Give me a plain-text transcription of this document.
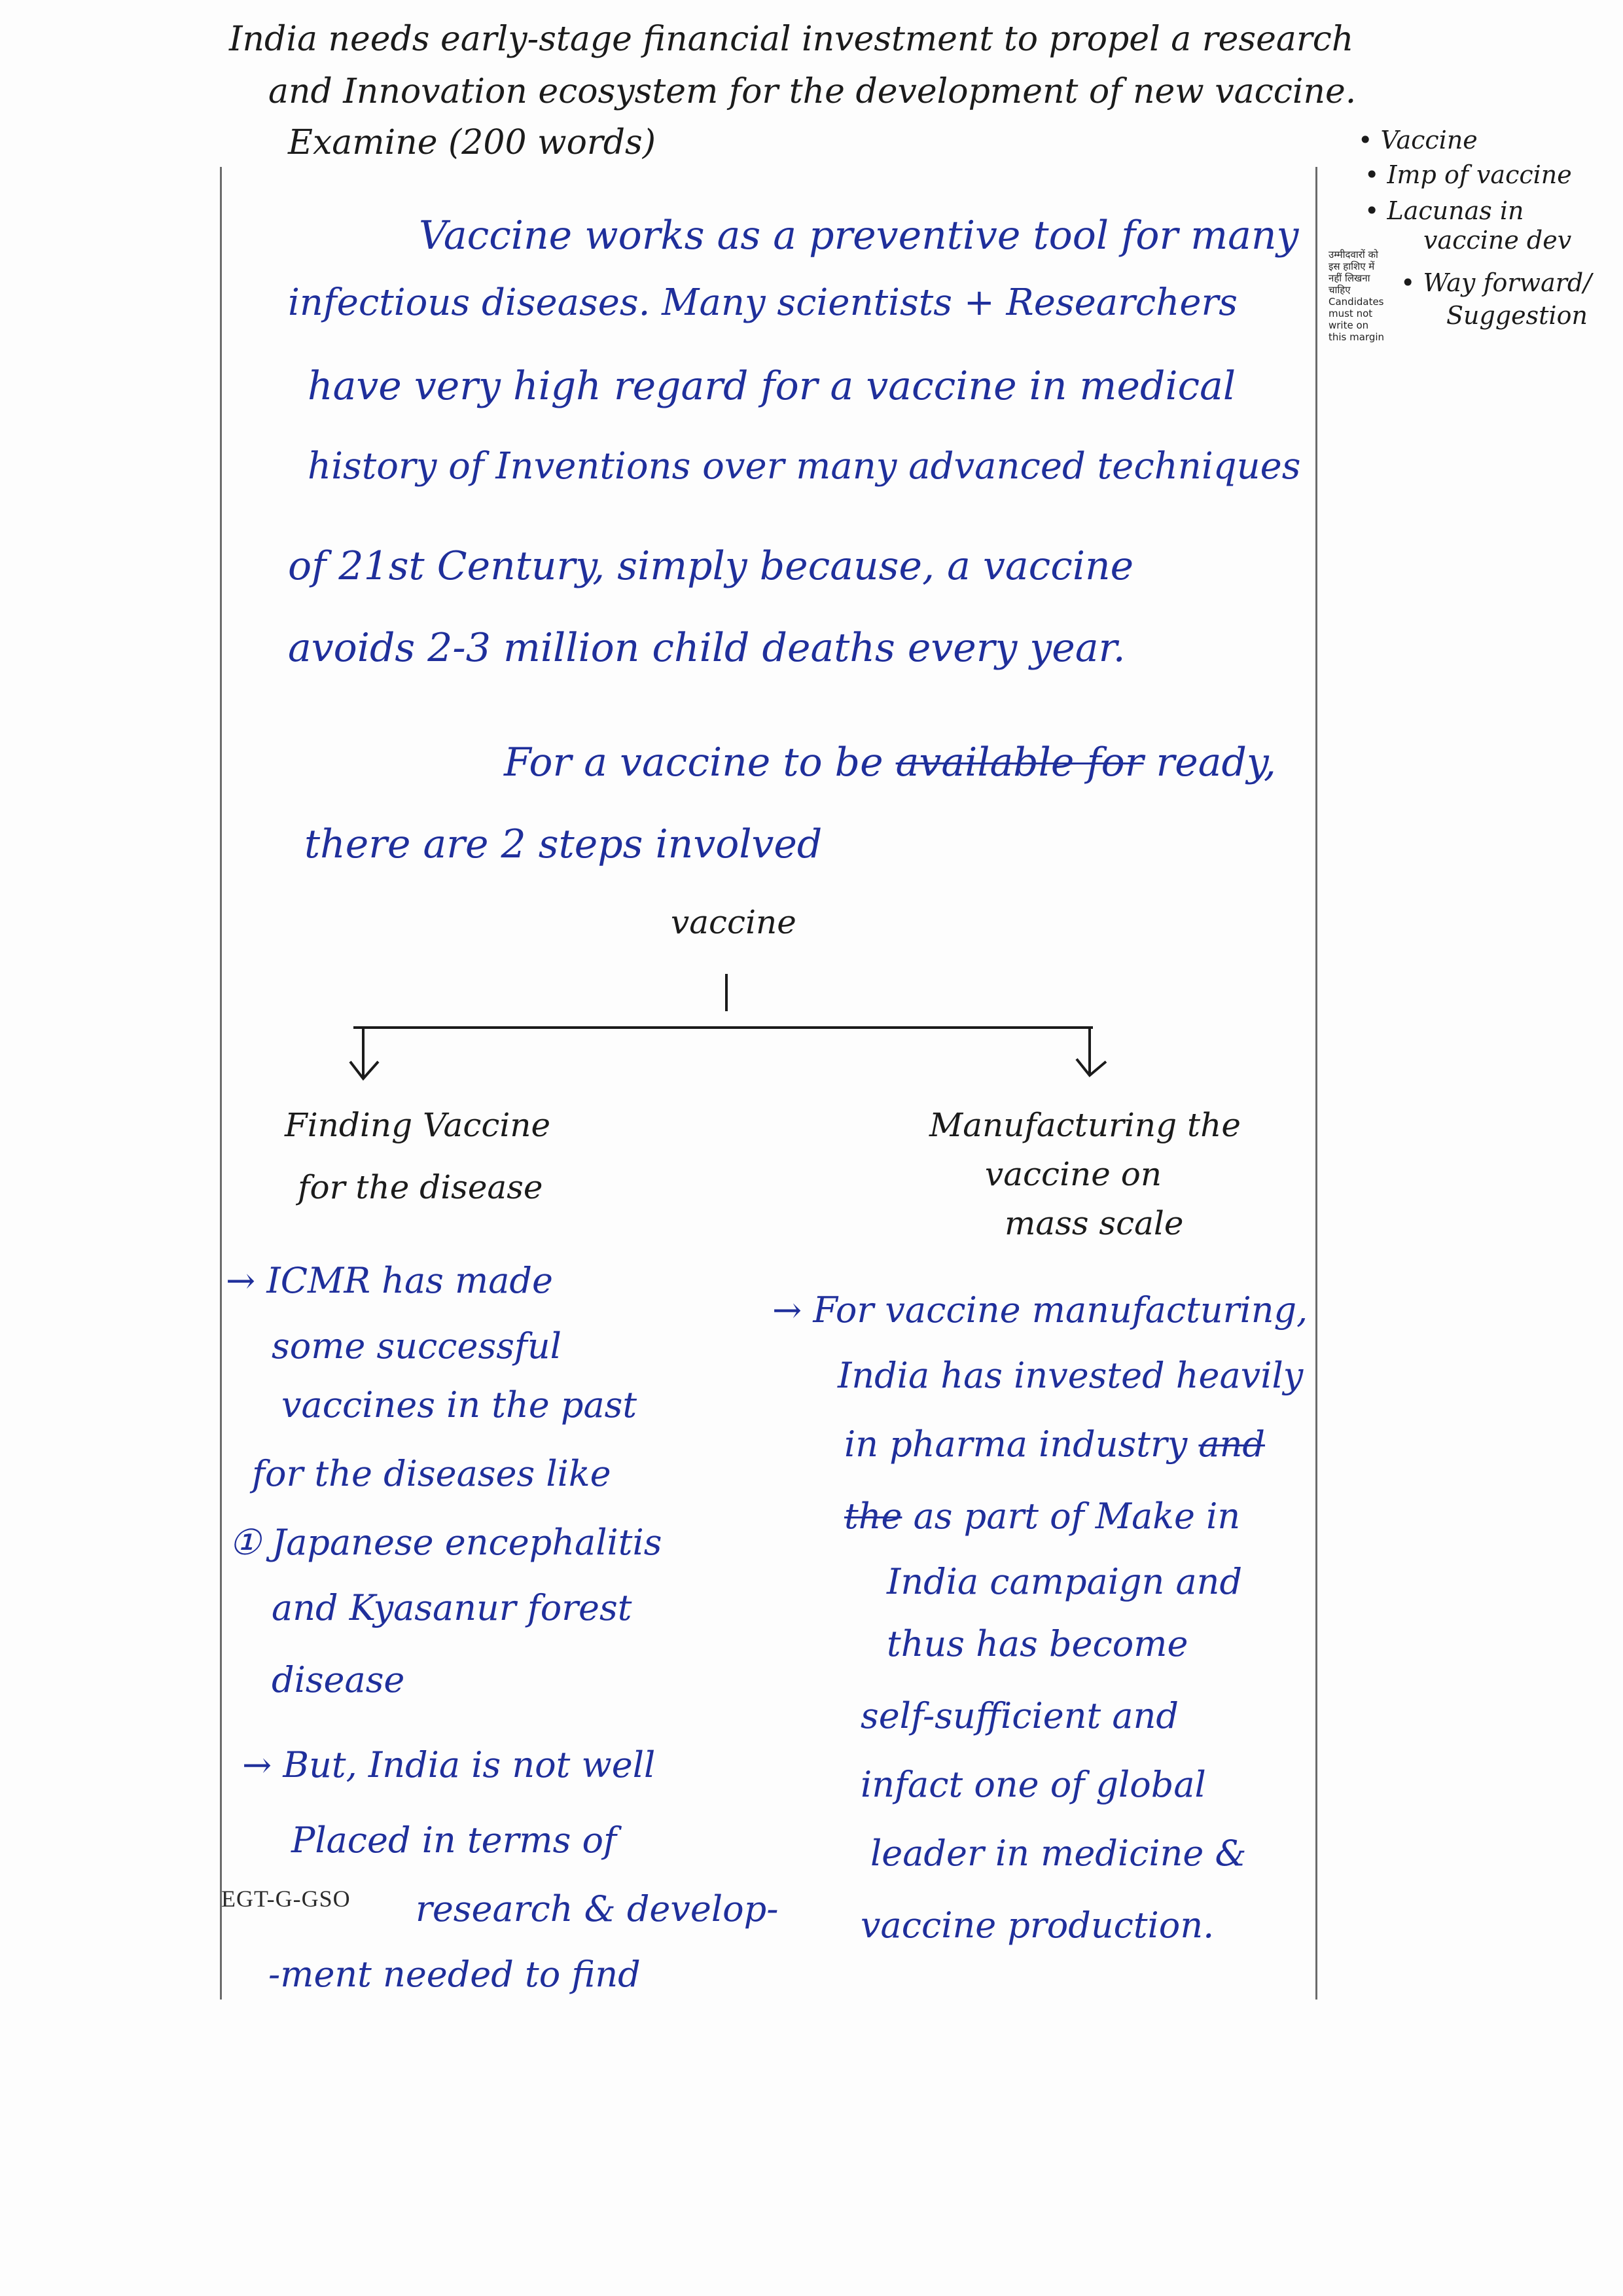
India needs early-stage financial investment to propel a research
and Innovation ecosystem for the development of new vaccine.
Examine (200 words)	• Vaccine
• Imp of vaccine
• Lacunas in
vaccine dev
• Way forward/
Suggestion
उम्मीदवारों को
इस हाशिए में
नहीं लिखना
चाहिए
Candidates
must not
write on
this margin
Vaccine works as a preventive tool for many
infectious diseases. Many scientists + Researchers
have very high regard for a vaccine in medical
history of Inventions over many advanced techniques
of 21st Century, simply because, a vaccine
avoids 2-3 million child deaths every year.
For a vaccine to be available for ready,
there are 2 steps involved
vaccine
Finding Vaccine
for the disease
Manufacturing the
vaccine on
mass scale
→ ICMR has made
some successful
vaccines in the past
for the diseases like
① Japanese encephalitis
and Kyasanur forest
disease
→ But, India is not well
Placed in terms of
research & develop-
-ment needed to find
→ For vaccine manufacturing,
India has invested heavily
in pharma industry and
the as part of Make in
India campaign and
thus has become
self-sufficient and
infact one of global
leader in medicine &
vaccine production.
EGT-G-GSO
